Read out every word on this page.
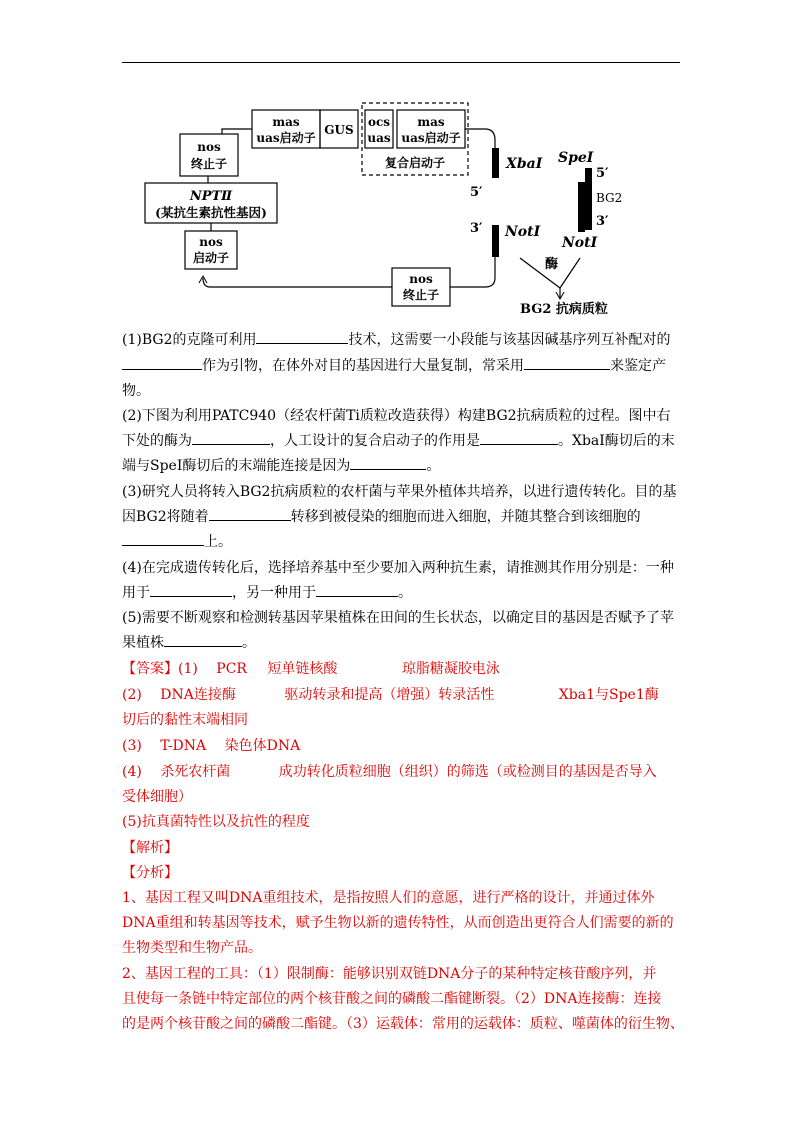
mas
uas启动子
GUS
ocs
uas
mas
uas启动子
复合启动子
nos
终止子
NPTⅡ
(某抗生素抗性基因)
nos
启动子
nos
终止子
XbaⅠ
5′
3′ NotⅠ
SpeⅠ
5′
BG2
3′
NotⅠ
酶
BG2 抗病质粒
(1)BG2的克隆可利用	技术，这需要一小段能与该基因碱基序列互补配对的
作为引物，在体外对目的基因进行大量复制，常采用	来鉴定产
物。
(2)下图为利用PATC940（经农杆菌Ti质粒改造获得）构建BG2抗病质粒的过程。图中右
下处的酶为	，人工设计的复合启动子的作用是	。XbaI酶切后的末
端与SpeI酶切后的末端能连接是因为	。
(3)研究人员将转入BG2抗病质粒的农杆菌与苹果外植体共培养，以进行遗传转化。目的基
因BG2将随着	转移到被侵染的细胞而进入细胞，并随其整合到该细胞的
上。
(4)在完成遗传转化后，选择培养基中至少要加入两种抗生素，请推测其作用分别是：一种
用于	，另一种用于	。
(5)需要不断观察和检测转基因苹果植株在田间的生长状态，以确定目的基因是否赋予了苹
果植株	。
【答案】(1) PCR 短单链核酸	琼脂糖凝胶电泳
(2) DNA连接酶	驱动转录和提高（增强）转录活性	Xba1与Spe1酶
切后的黏性末端相同
(3) T-DNA 染色体DNA
(4) 杀死农杆菌	成功转化质粒细胞（组织）的筛选（或检测目的基因是否导入
受体细胞）
(5)抗真菌特性以及抗性的程度
【解析】
【分析】
1、基因工程又叫DNA重组技术，是指按照人们的意愿，进行严格的设计，并通过体外
DNA重组和转基因等技术，赋予生物以新的遗传特性，从而创造出更符合人们需要的新的
生物类型和生物产品。
2、基因工程的工具：（1）限制酶：能够识别双链DNA分子的某种特定核苷酸序列，并
且使每一条链中特定部位的两个核苷酸之间的磷酸二酯键断裂。（2）DNA连接酶：连接
的是两个核苷酸之间的磷酸二酯键。（3）运载体：常用的运载体：质粒、噬菌体的衍生物、
